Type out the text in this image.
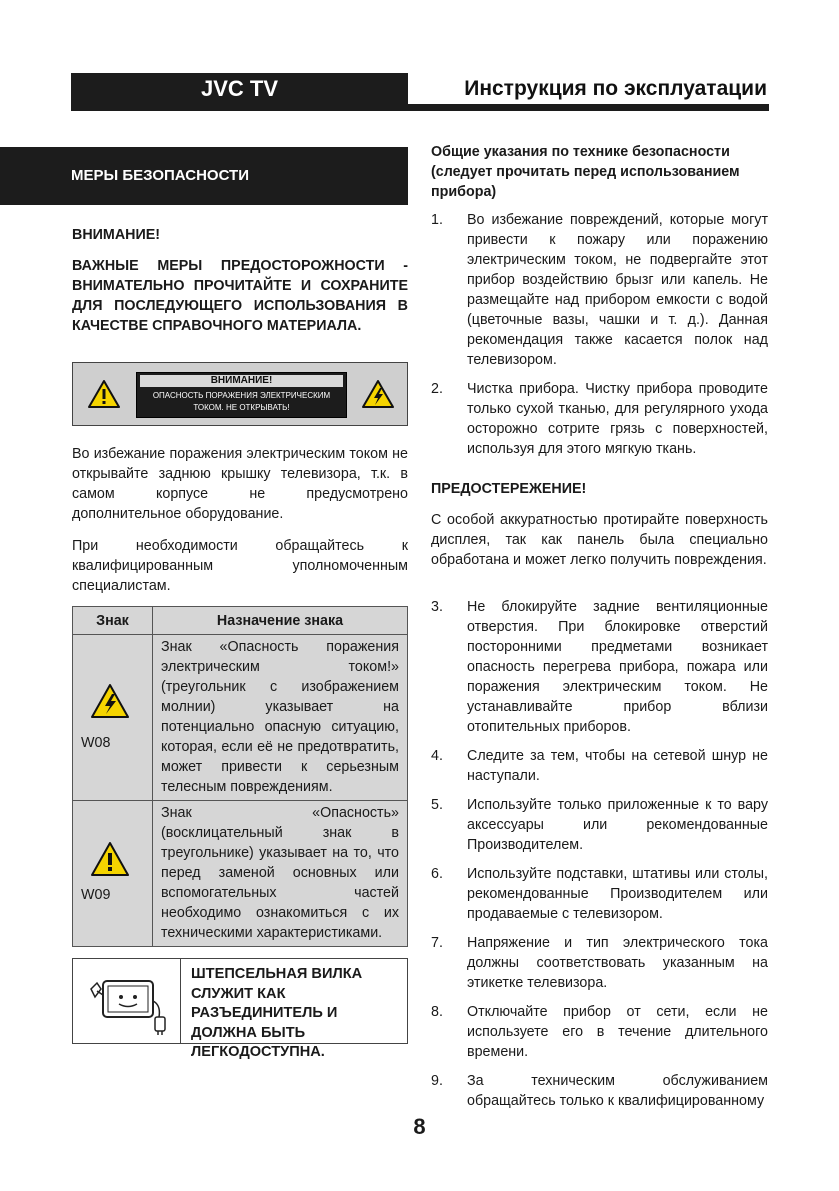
JVC TV	Инструкция по эксплуатации
МЕРЫ БЕЗОПАСНОСТИ
ВНИМАНИЕ!
ВАЖНЫЕ МЕРЫ ПРЕДОСТОРОЖНОСТИ - ВНИМАТЕЛЬНО ПРОЧИТАЙТЕ И СОХРАНИТЕ ДЛЯ ПОСЛЕДУЮЩЕГО ИСПОЛЬЗОВАНИЯ В КАЧЕСТВЕ СПРАВОЧНОГО МАТЕРИАЛА.
ВНИМАНИЕ!
ОПАСНОСТЬ ПОРАЖЕНИЯ ЭЛЕКТРИЧЕСКИМ ТОКОМ. НЕ ОТКРЫВАТЬ!
Во избежание поражения электрическим током не открывайте заднюю крышку телевизора, т.к. в самом корпусе не предусмотрено дополнительное оборудование.
При необходимости обращайтесь к квалифицированным уполномоченным специалистам.
Знак	Назначение знака

W08	Знак «Опасность поражения электрическим током!» (треугольник с изображением молнии) указывает на потенциально опасную ситуацию, которая, если её не предотвратить, может привести к серьезным телесным повреждениям.

W09	Знак «Опасность» (восклицательный знак в треугольнике) указывает на то, что перед заменой основных или вспомогательных частей необходимо ознакомиться с их техническими характеристиками.
ШТЕПСЕЛЬНАЯ ВИЛКА СЛУЖИТ КАК РАЗЪЕДИНИТЕЛЬ И ДОЛЖНА БЫТЬ ЛЕГКОДОСТУПНА.
Общие указания по технике безопасности (следует прочитать перед использованием прибора)
1. Во избежание повреждений, которые могут привести к пожару или поражению электрическим током, не подвергайте этот прибор воздействию брызг или капель. Не размещайте над прибором емкости с водой (цветочные вазы, чашки и т. д.). Данная рекомендация также касается полок над телевизором.
2. Чистка прибора. Чистку прибора проводите только сухой тканью, для регулярного ухода осторожно сотрите грязь с поверхностей, используя для этого мягкую ткань.
ПРЕДОСТЕРЕЖЕНИЕ!
С особой аккуратностью протирайте поверхность дисплея, так как панель была специально обработана и может легко получить повреждения.
3. Не блокируйте задние вентиляционные отверстия. При блокировке отверстий посторонними предметами возникает опасность перегрева прибора, пожара или поражения электрическим током. Не устанавливайте прибор вблизи отопительных приборов.
4. Следите за тем, чтобы на сетевой шнур не наступали.
5. Используйте только приложенные к то вару аксессуары или рекомендованные Производителем.
6. Используйте подставки, штативы или столы, рекомендованные Производителем или продаваемые с телевизором.
7. Напряжение и тип электрического тока должны соответствовать указанным на этикетке телевизора.
8. Отключайте прибор от сети, если не используете его в течение длительного времени.
9. За техническим обслуживанием обращайтесь только к квалифицированному
8
